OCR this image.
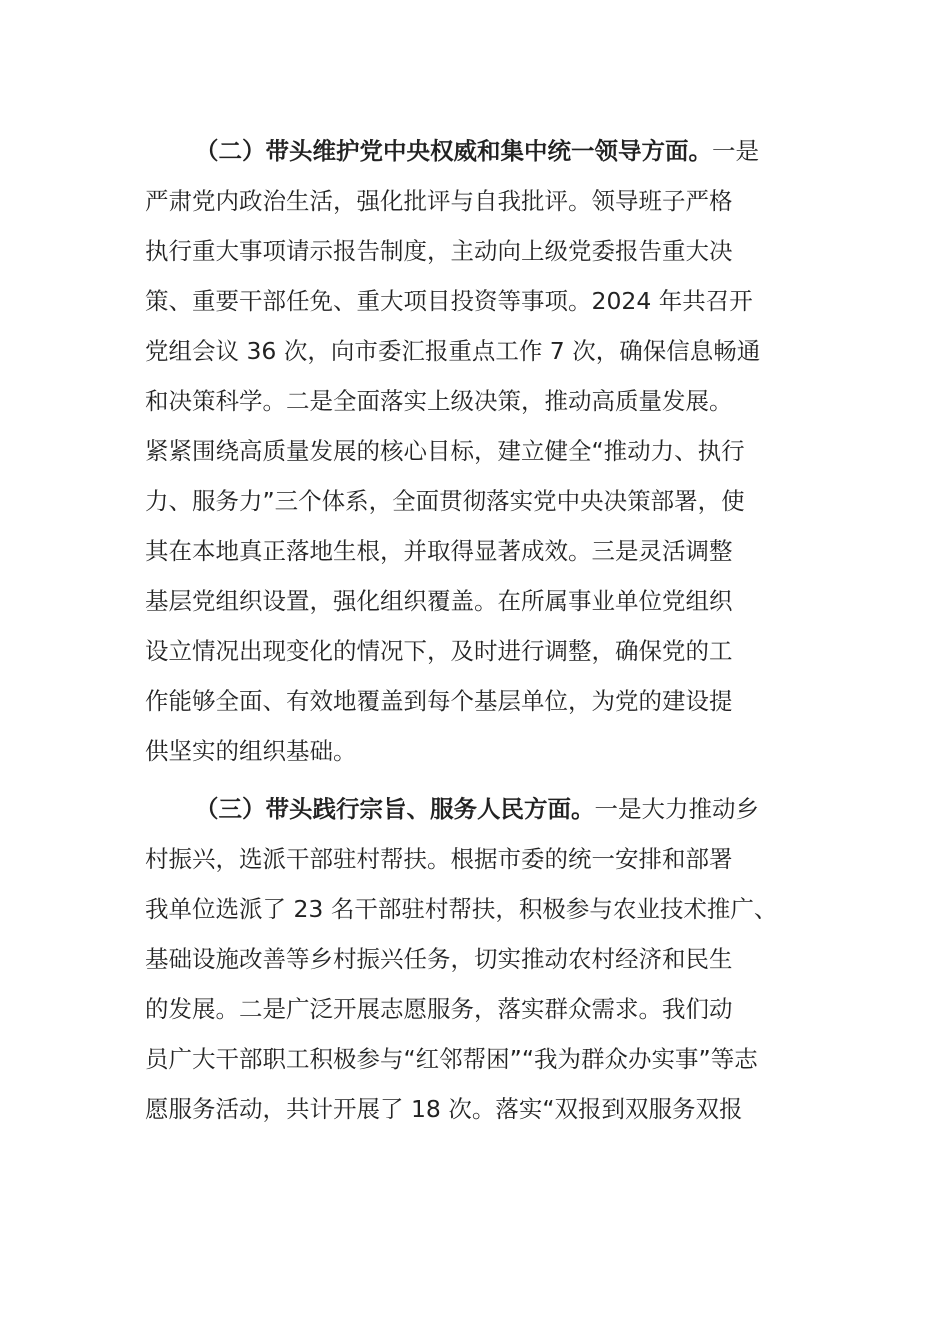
（二）带头维护党中央权威和集中统一领导方面。一是
严肃党内政治生活，强化批评与自我批评。领导班子严格
执行重大事项请示报告制度，主动向上级党委报告重大决
策、重要干部任免、重大项目投资等事项。2024 年共召开
党组会议 36 次，向市委汇报重点工作 7 次，确保信息畅通
和决策科学。二是全面落实上级决策，推动高质量发展。
紧紧围绕高质量发展的核心目标，建立健全“推动力、执行
力、服务力”三个体系，全面贯彻落实党中央决策部署，使
其在本地真正落地生根，并取得显著成效。三是灵活调整
基层党组织设置，强化组织覆盖。在所属事业单位党组织
设立情况出现变化的情况下，及时进行调整，确保党的工
作能够全面、有效地覆盖到每个基层单位，为党的建设提
供坚实的组织基础。
（三）带头践行宗旨、服务人民方面。一是大力推动乡
村振兴，选派干部驻村帮扶。根据市委的统一安排和部署
我单位选派了 23 名干部驻村帮扶，积极参与农业技术推广、
基础设施改善等乡村振兴任务，切实推动农村经济和民生
的发展。二是广泛开展志愿服务，落实群众需求。我们动
员广大干部职工积极参与“红邻帮困”“我为群众办实事”等志
愿服务活动，共计开展了 18 次。落实“双报到双服务双报
